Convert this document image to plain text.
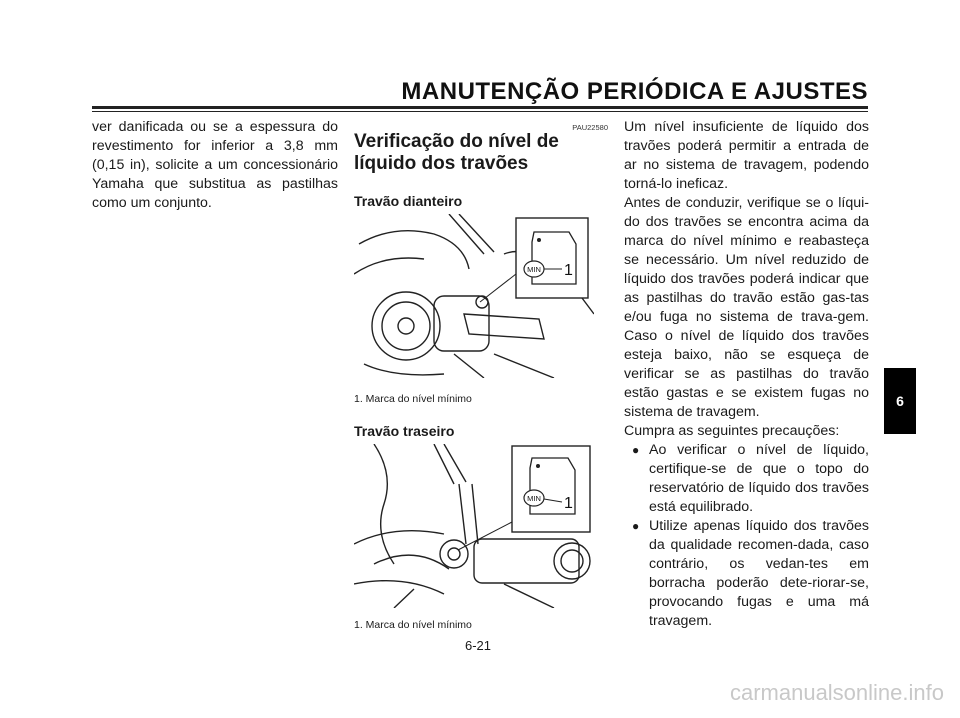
MANUTENÇÃO PERIÓDICA E AJUSTES

ver danificada ou se a espessura do revestimento for inferior a 3,8 mm (0,15 in), solicite a um concessionário Yamaha que substitua as pastilhas como um conjunto.

PAU22580
Verificação do nível de líquido dos travões
Travão dianteiro
MIN 1
1. Marca do nível mínimo
Travão traseiro
MIN 1
1. Marca do nível mínimo

Um nível insuficiente de líquido dos travões poderá permitir a entrada de ar no sistema de travagem, podendo torná-lo ineficaz.

Antes de conduzir, verifique se o líqui-do dos travões se encontra acima da marca do nível mínimo e reabasteça se necessário. Um nível reduzido de líquido dos travões poderá indicar que as pastilhas do travão estão gas-tas e/ou fuga no sistema de trava-gem. Caso o nível de líquido dos travões esteja baixo, não se esqueça de verificar se as pastilhas do travão estão gastas e se existem fugas no sistema de travagem.

Cumpra as seguintes precauções:

● Ao verificar o nível de líquido, certifique-se de que o topo do reservatório de líquido dos travões está equilibrado.

● Utilize apenas líquido dos travões da qualidade recomen-dada, caso contrário, os vedan-tes em borracha poderão dete-riorar-se, provocando fugas e uma má travagem.

6
6-21
carmanualsonline.info
